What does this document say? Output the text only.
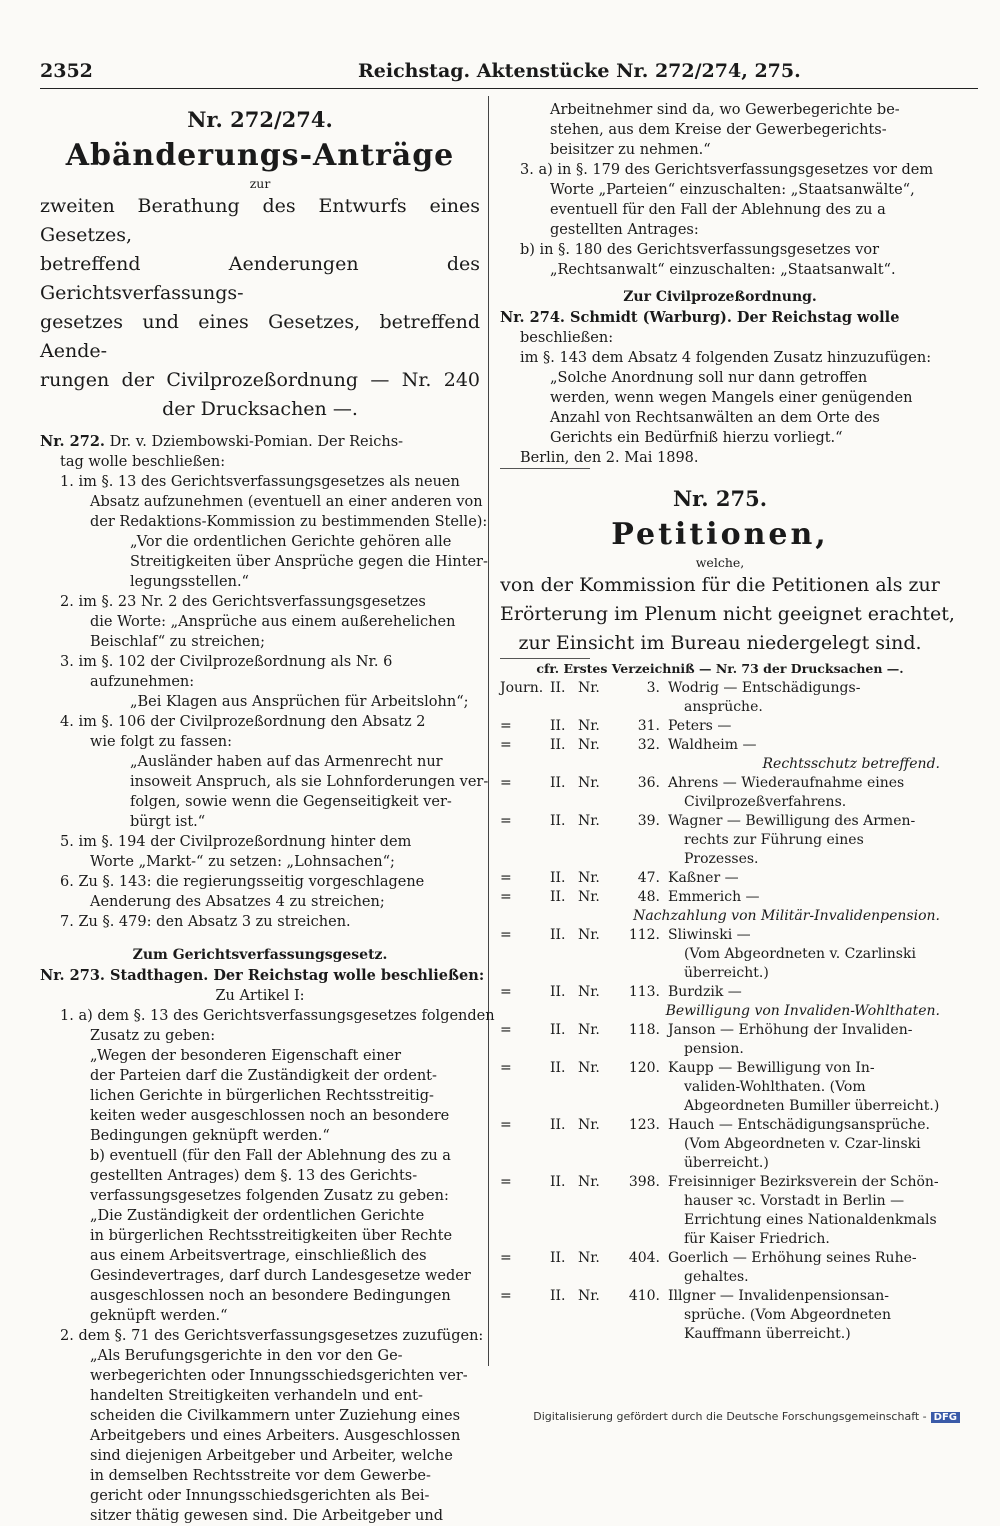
2352	Reichstag. Aktenstücke Nr. 272/274, 275.
Nr. 272/274.
Abänderungs-Anträge
zur
zweiten Berathung des Entwurfs eines Gesetzes,
betreffend Aenderungen des Gerichtsverfassungs-
gesetzes und eines Gesetzes, betreffend Aende-
rungen der Civilprozeßordnung — Nr. 240
der Drucksachen —.
Nr. 272. Dr. v. Dziembowski-Pomian. Der Reichs-
tag wolle beschließen:
1. im §. 13 des Gerichtsverfassungsgesetzes als neuen
Absatz aufzunehmen (eventuell an einer anderen von
der Redaktions-Kommission zu bestimmenden Stelle):
„Vor die ordentlichen Gerichte gehören alle
Streitigkeiten über Ansprüche gegen die Hinter-
legungsstellen.“
2. im §. 23 Nr. 2 des Gerichtsverfassungsgesetzes
die Worte: „Ansprüche aus einem außerehelichen
Beischlaf“ zu streichen;
3. im §. 102 der Civilprozeßordnung als Nr. 6
aufzunehmen:
„Bei Klagen aus Ansprüchen für Arbeitslohn“;
4. im §. 106 der Civilprozeßordnung den Absatz 2
wie folgt zu fassen:
„Ausländer haben auf das Armenrecht nur
insoweit Anspruch, als sie Lohnforderungen ver-
folgen, sowie wenn die Gegenseitigkeit ver-
bürgt ist.“
5. im §. 194 der Civilprozeßordnung hinter dem
Worte „Markt-“ zu setzen: „Lohnsachen“;
6. Zu §. 143: die regierungsseitig vorgeschlagene
Aenderung des Absatzes 4 zu streichen;
7. Zu §. 479: den Absatz 3 zu streichen.
Zum Gerichtsverfassungsgesetz.
Nr. 273. Stadthagen. Der Reichstag wolle beschließen:
Zu Artikel I:
1. a) dem §. 13 des Gerichtsverfassungsgesetzes folgenden
Zusatz zu geben:
„Wegen der besonderen Eigenschaft einer
der Parteien darf die Zuständigkeit der ordent-
lichen Gerichte in bürgerlichen Rechtsstreitig-
keiten weder ausgeschlossen noch an besondere
Bedingungen geknüpft werden.“
b) eventuell (für den Fall der Ablehnung des zu a
gestellten Antrages) dem §. 13 des Gerichts-
verfassungsgesetzes folgenden Zusatz zu geben:
„Die Zuständigkeit der ordentlichen Gerichte
in bürgerlichen Rechtsstreitigkeiten über Rechte
aus einem Arbeitsvertrage, einschließlich des
Gesindevertrages, darf durch Landesgesetze weder
ausgeschlossen noch an besondere Bedingungen
geknüpft werden.“
2. dem §. 71 des Gerichtsverfassungsgesetzes zuzufügen:
„Als Berufungsgerichte in den vor den Ge-
werbegerichten oder Innungsschiedsgerichten ver-
handelten Streitigkeiten verhandeln und ent-
scheiden die Civilkammern unter Zuziehung eines
Arbeitgebers und eines Arbeiters. Ausgeschlossen
sind diejenigen Arbeitgeber und Arbeiter, welche
in demselben Rechtsstreite vor dem Gewerbe-
gericht oder Innungsschiedsgerichten als Bei-
sitzer thätig gewesen sind. Die Arbeitgeber und
Arbeitnehmer sind da, wo Gewerbegerichte be-
stehen, aus dem Kreise der Gewerbegerichts-
beisitzer zu nehmen.“
3. a) in §. 179 des Gerichtsverfassungsgesetzes vor dem
Worte „Parteien“ einzuschalten: „Staatsanwälte“,
eventuell für den Fall der Ablehnung des zu a
gestellten Antrages:
b) in §. 180 des Gerichtsverfassungsgesetzes vor
„Rechtsanwalt“ einzuschalten: „Staatsanwalt“.
Zur Civilprozeßordnung.
Nr. 274. Schmidt (Warburg). Der Reichstag wolle
beschließen:
im §. 143 dem Absatz 4 folgenden Zusatz hinzuzufügen:
„Solche Anordnung soll nur dann getroffen
werden, wenn wegen Mangels einer genügenden
Anzahl von Rechtsanwälten an dem Orte des
Gerichts ein Bedürfniß hierzu vorliegt.“
Berlin, den 2. Mai 1898.
Nr. 275.
Petitionen,
welche,
von der Kommission für die Petitionen als zur
Erörterung im Plenum nicht geeignet erachtet,
zur Einsicht im Bureau niedergelegt sind.
cfr. Erstes Verzeichniß — Nr. 73 der Drucksachen —.
Journ.	II.	Nr.	3.	Wodrig — Entschädigungs-
ansprüche.

=	II.	Nr.	31.	Peters —

=	II.	Nr.	32.	Waldheim —

Rechtsschutz betreffend.				
=	II.	Nr.	36.	Ahrens — Wiederaufnahme eines
Civilprozeßverfahrens.

=	II.	Nr.	39.	Wagner — Bewilligung des Armen-
rechts zur Führung eines Prozesses.

=	II.	Nr.	47.	Kaßner —

=	II.	Nr.	48.	Emmerich —

Nachzahlung von Militär-Invalidenpension.				
=	II.	Nr.	112.	Sliwinski —
(Vom Abgeordneten v. Czarlinski überreicht.)

=	II.	Nr.	113.	Burdzik —

Bewilligung von Invaliden-Wohlthaten.				
=	II.	Nr.	118.	Janson — Erhöhung der Invaliden-
pension.

=	II.	Nr.	120.	Kaupp — Bewilligung von In-
validen-Wohlthaten. (Vom Abgeordneten Bumiller überreicht.)

=	II.	Nr.	123.	Hauch — Entschädigungsansprüche.
(Vom Abgeordneten v. Czar-linski überreicht.)

=	II.	Nr.	398.	Freisinniger Bezirksverein der Schön-
hauser ꝛc. Vorstadt in Berlin — Errichtung eines Nationaldenkmals für Kaiser Friedrich.

=	II.	Nr.	404.	Goerlich — Erhöhung seines Ruhe-
gehaltes.

=	II.	Nr.	410.	Illgner — Invalidenpensionsan-
sprüche. (Vom Abgeordneten Kauffmann überreicht.)
Digitalisierung gefördert durch die Deutsche Forschungsgemeinschaft - DFG
